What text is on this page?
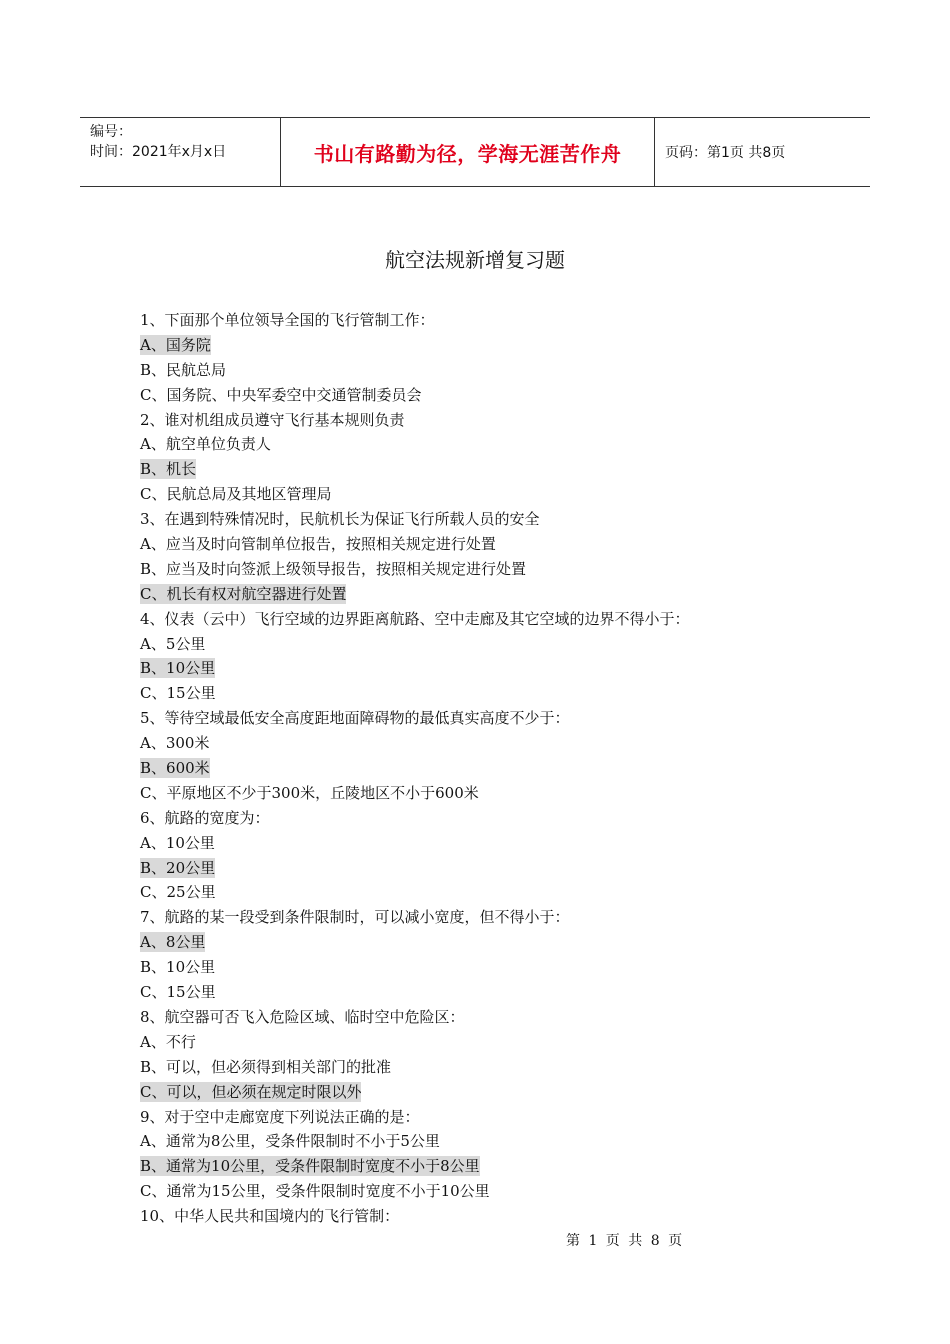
编号：
时间：2021年x月x日	书山有路勤为径，学海无涯苦作舟	页码：第1页 共8页
航空法规新增复习题
1、下面那个单位领导全国的飞行管制工作：
A、国务院
B、民航总局
C、国务院、中央军委空中交通管制委员会
2、谁对机组成员遵守飞行基本规则负责
A、航空单位负责人
B、机长
C、民航总局及其地区管理局
3、在遇到特殊情况时，民航机长为保证飞行所载人员的安全
A、应当及时向管制单位报告，按照相关规定进行处置
B、应当及时向签派上级领导报告，按照相关规定进行处置
C、机长有权对航空器进行处置
4、仪表（云中）飞行空域的边界距离航路、空中走廊及其它空域的边界不得小于：
A、5公里
B、10公里
C、15公里
5、等待空域最低安全高度距地面障碍物的最低真实高度不少于：
A、300米
B、600米
C、平原地区不少于300米，丘陵地区不小于600米
6、航路的宽度为：
A、10公里
B、20公里
C、25公里
7、航路的某一段受到条件限制时，可以减小宽度，但不得小于：
A、8公里
B、10公里
C、15公里
8、航空器可否飞入危险区域、临时空中危险区：
A、不行
B、可以，但必须得到相关部门的批准
C、可以，但必须在规定时限以外
9、对于空中走廊宽度下列说法正确的是：
A、通常为8公里，受条件限制时不小于5公里
B、通常为10公里，受条件限制时宽度不小于8公里
C、通常为15公里，受条件限制时宽度不小于10公里
10、中华人民共和国境内的飞行管制：
第 1 页 共 8 页
